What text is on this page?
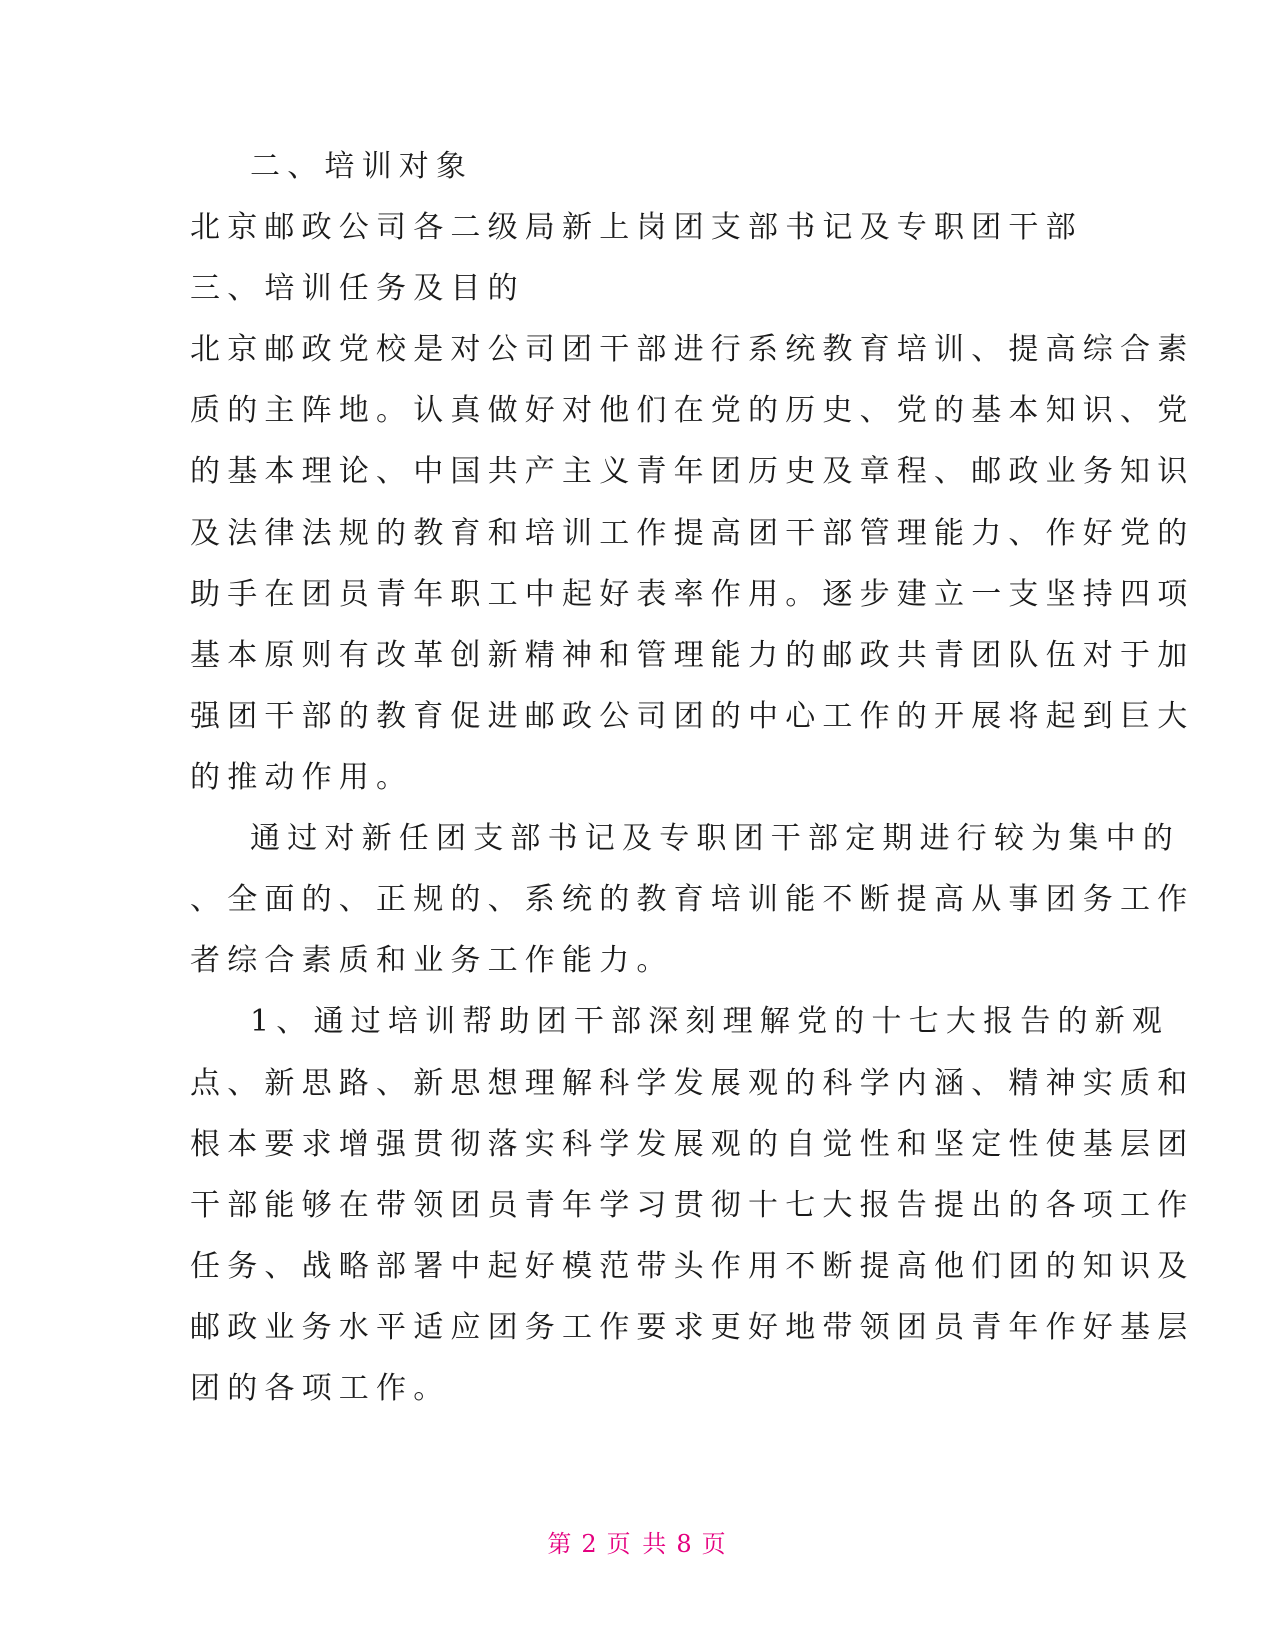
二、培训对象
北京邮政公司各二级局新上岗团支部书记及专职团干部
三、培训任务及目的
北京邮政党校是对公司团干部进行系统教育培训、提高综合素
质的主阵地。认真做好对他们在党的历史、党的基本知识、党
的基本理论、中国共产主义青年团历史及章程、邮政业务知识
及法律法规的教育和培训工作提高团干部管理能力、作好党的
助手在团员青年职工中起好表率作用。逐步建立一支坚持四项
基本原则有改革创新精神和管理能力的邮政共青团队伍对于加
强团干部的教育促进邮政公司团的中心工作的开展将起到巨大
的推动作用。
通过对新任团支部书记及专职团干部定期进行较为集中的
、全面的、正规的、系统的教育培训能不断提高从事团务工作
者综合素质和业务工作能力。
1、通过培训帮助团干部深刻理解党的十七大报告的新观
点、新思路、新思想理解科学发展观的科学内涵、精神实质和
根本要求增强贯彻落实科学发展观的自觉性和坚定性使基层团
干部能够在带领团员青年学习贯彻十七大报告提出的各项工作
任务、战略部署中起好模范带头作用不断提高他们团的知识及
邮政业务水平适应团务工作要求更好地带领团员青年作好基层
团的各项工作。
第 2 页 共 8 页
